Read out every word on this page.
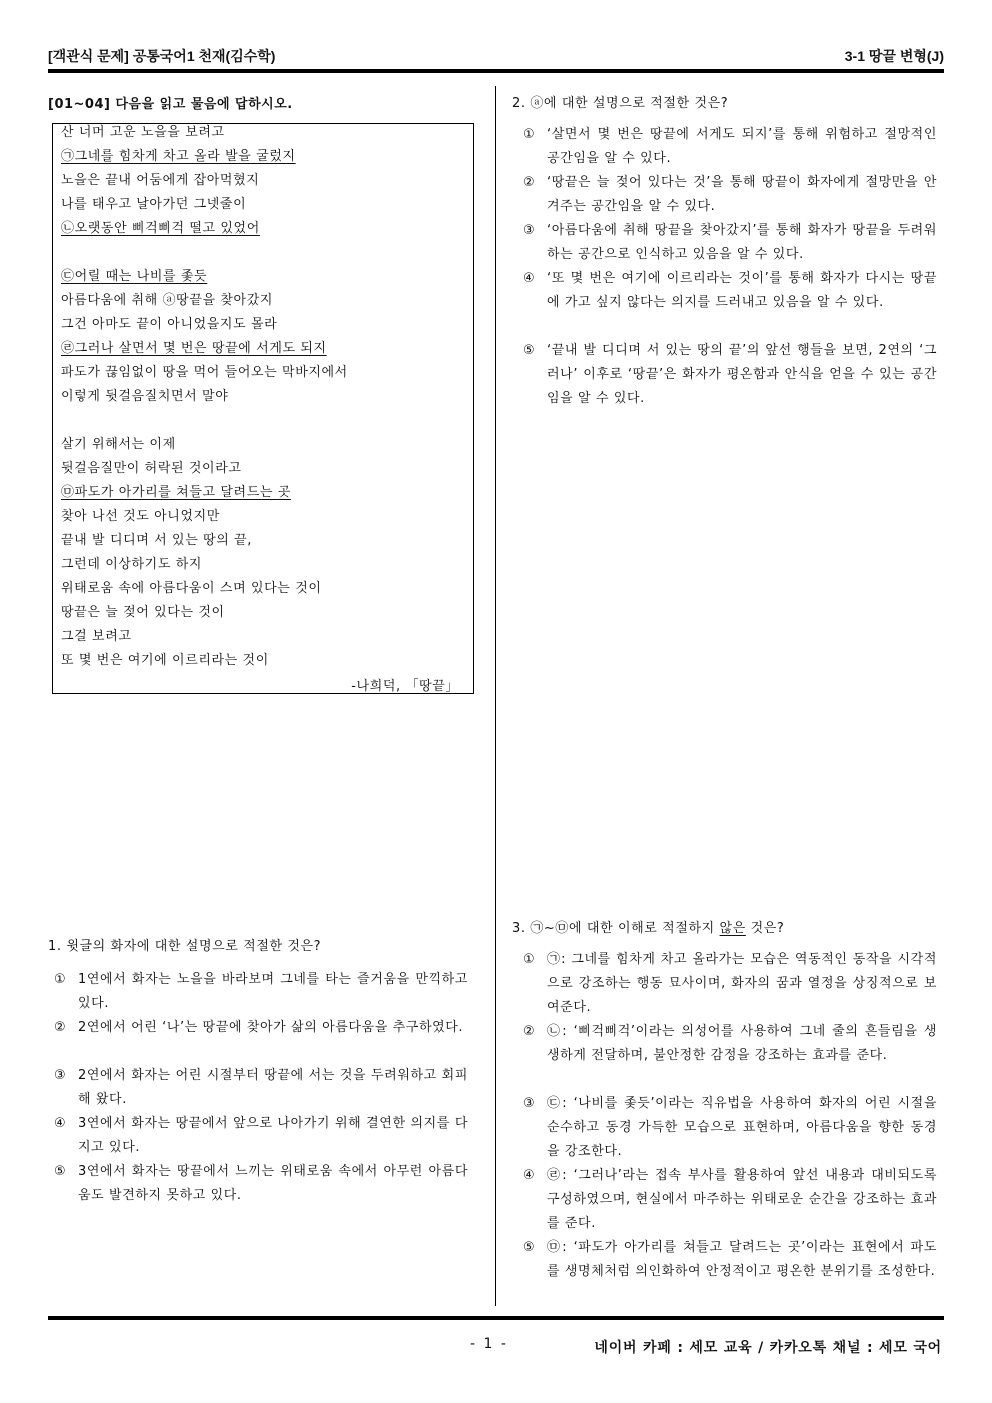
[객관식 문제] 공통국어1 천재(김수학)	3-1 땅끝 변형(J)
[01~04] 다음을 읽고 물음에 답하시오.
산 너머 고운 노을을 보려고
㉠그네를 힘차게 차고 올라 발을 굴렀지
노을은 끝내 어둠에게 잡아먹혔지
나를 태우고 날아가던 그넷줄이
㉡오랫동안 삐걱삐걱 떨고 있었어
㉢어릴 때는 나비를 좇듯
아름다움에 취해 ⓐ땅끝을 찾아갔지
그건 아마도 끝이 아니었을지도 몰라
㉣그러나 살면서 몇 번은 땅끝에 서게도 되지
파도가 끊임없이 땅을 먹어 들어오는 막바지에서
이렇게 뒷걸음질치면서 말야
살기 위해서는 이제
뒷걸음질만이 허락된 것이라고
㉤파도가 아가리를 쳐들고 달려드는 곳
찾아 나선 것도 아니었지만
끝내 발 디디며 서 있는 땅의 끝,
그런데 이상하기도 하지
위태로움 속에 아름다움이 스며 있다는 것이
땅끝은 늘 젖어 있다는 것이
그걸 보려고
또 몇 번은 여기에 이르리라는 것이
-나희덕, 「땅끝」
1. 윗글의 화자에 대한 설명으로 적절한 것은?
① 1연에서 화자는 노을을 바라보며 그네를 타는 즐거움을 만끽하고 있다.
② 2연에서 어린 ‘나’는 땅끝에 찾아가 삶의 아름다움을 추구하였다.
③ 2연에서 화자는 어린 시절부터 땅끝에 서는 것을 두려워하고 회피해 왔다.
④ 3연에서 화자는 땅끝에서 앞으로 나아가기 위해 결연한 의지를 다지고 있다.
⑤ 3연에서 화자는 땅끝에서 느끼는 위태로움 속에서 아무런 아름다움도 발견하지 못하고 있다.
2. ⓐ에 대한 설명으로 적절한 것은?
① ‘살면서 몇 번은 땅끝에 서게도 되지’를 통해 위험하고 절망적인 공간임을 알 수 있다.
② ‘땅끝은 늘 젖어 있다는 것’을 통해 땅끝이 화자에게 절망만을 안겨주는 공간임을 알 수 있다.
③ ‘아름다움에 취해 땅끝을 찾아갔지’를 통해 화자가 땅끝을 두려워하는 공간으로 인식하고 있음을 알 수 있다.
④ ‘또 몇 번은 여기에 이르리라는 것이’를 통해 화자가 다시는 땅끝에 가고 싶지 않다는 의지를 드러내고 있음을 알 수 있다.
⑤ ‘끝내 발 디디며 서 있는 땅의 끝’의 앞선 행들을 보면, 2연의 ‘그러나’ 이후로 ‘땅끝’은 화자가 평온함과 안식을 얻을 수 있는 공간임을 알 수 있다.
3. ㉠~㉤에 대한 이해로 적절하지 않은 것은?
① ㉠: 그네를 힘차게 차고 올라가는 모습은 역동적인 동작을 시각적으로 강조하는 행동 묘사이며, 화자의 꿈과 열정을 상징적으로 보여준다.
② ㉡: ‘삐걱삐걱’이라는 의성어를 사용하여 그네 줄의 흔들림을 생생하게 전달하며, 불안정한 감정을 강조하는 효과를 준다.
③ ㉢: ‘나비를 좇듯’이라는 직유법을 사용하여 화자의 어린 시절을 순수하고 동경 가득한 모습으로 표현하며, 아름다움을 향한 동경을 강조한다.
④ ㉣: ‘그러나’라는 접속 부사를 활용하여 앞선 내용과 대비되도록 구성하였으며, 현실에서 마주하는 위태로운 순간을 강조하는 효과를 준다.
⑤ ㉤: ‘파도가 아가리를 쳐들고 달려드는 곳’이라는 표현에서 파도를 생명체처럼 의인화하여 안정적이고 평온한 분위기를 조성한다.
- 1 -	네이버 카페 : 세모 교육 / 카카오톡 채널 : 세모 국어
